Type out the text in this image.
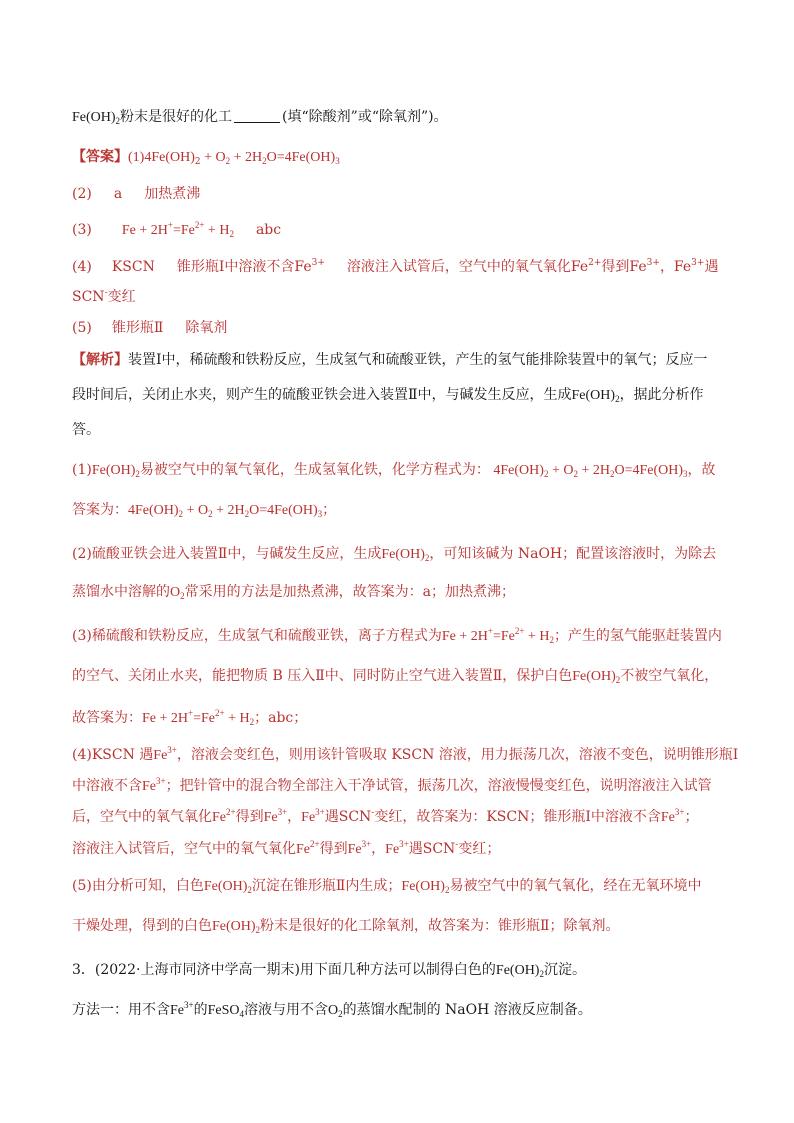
$Fe(OH)_2$粉末是很好的化工	(填“除酸剂”或“除氧剂”)。
【答案】$(1)4Fe(OH)_2 + O_2 + 2H_2O=4Fe(OH)_3$
(2) a 加热煮沸
(3) $Fe + 2H^+=Fe^{2+} + H_2$ abc
(4) KSCN 锥形瓶Ⅰ中溶液不含$Fe^{3+}$ 溶液注入试管后，空气中的氧气氧化$Fe^{2+}$得到$Fe^{3+}$，$Fe^{3+}$遇
SCN-变红
(5) 锥形瓶Ⅱ 除氧剂
【解析】装置Ⅰ中，稀硫酸和铁粉反应，生成氢气和硫酸亚铁，产生的氢气能排除装置中的氧气；反应一
段时间后，关闭止水夹，则产生的硫酸亚铁会进入装置Ⅱ中，与碱发生反应，生成$Fe(OH)_2$，据此分析作
答。
$(1)Fe(OH)_2$易被空气中的氧气氧化，生成氢氧化铁，化学方程式为： $4Fe(OH)_2 + O_2 + 2H_2O=4Fe(OH)_3$，故
答案为：$4Fe(OH)_2 + O_2 + 2H_2O=4Fe(OH)_3$；
(2)硫酸亚铁会进入装置Ⅱ中，与碱发生反应，生成$Fe(OH)_2$，可知该碱为 NaOH；配置该溶液时，为除去
蒸馏水中溶解的$O_2$常采用的方法是加热煮沸，故答案为：a；加热煮沸；
(3)稀硫酸和铁粉反应，生成氢气和硫酸亚铁，离子方程式为$Fe + 2H^+=Fe^{2+} + H_2$；产生的氢气能驱赶装置内
的空气、关闭止水夹，能把物质 B 压入Ⅱ中、同时防止空气进入装置Ⅱ，保护白色$Fe(OH)_2$不被空气氧化，
故答案为：$Fe + 2H^+=Fe^{2+} + H_2$；abc；
(4)KSCN 遇$Fe^{3+}$，溶液会变红色，则用该针管吸取 KSCN 溶液，用力振荡几次，溶液不变色，说明锥形瓶Ⅰ
中溶液不含$Fe^{3+}$；把针管中的混合物全部注入干净试管，振荡几次，溶液慢慢变红色，说明溶液注入试管
后，空气中的氧气氧化$Fe^{2+}$得到$Fe^{3+}$，$Fe^{3+}$遇SCN-变红，故答案为：KSCN；锥形瓶Ⅰ中溶液不含$Fe^{3+}$；
溶液注入试管后，空气中的氧气氧化$Fe^{2+}$得到$Fe^{3+}$，$Fe^{3+}$遇SCN-变红；
(5)由分析可知，白色$Fe(OH)_2$沉淀在锥形瓶Ⅱ内生成；$Fe(OH)_2$易被空气中的氧气氧化，经在无氧环境中
干燥处理，得到的白色$Fe(OH)_2$粉末是很好的化工除氧剂，故答案为：锥形瓶Ⅱ；除氧剂。
3．(2022·上海市同济中学高一期末)用下面几种方法可以制得白色的$Fe(OH)_2$沉淀。
方法一：用不含$Fe^{3+}$的FeSO$_4$溶液与用不含$O_2$的蒸馏水配制的 NaOH 溶液反应制备。
